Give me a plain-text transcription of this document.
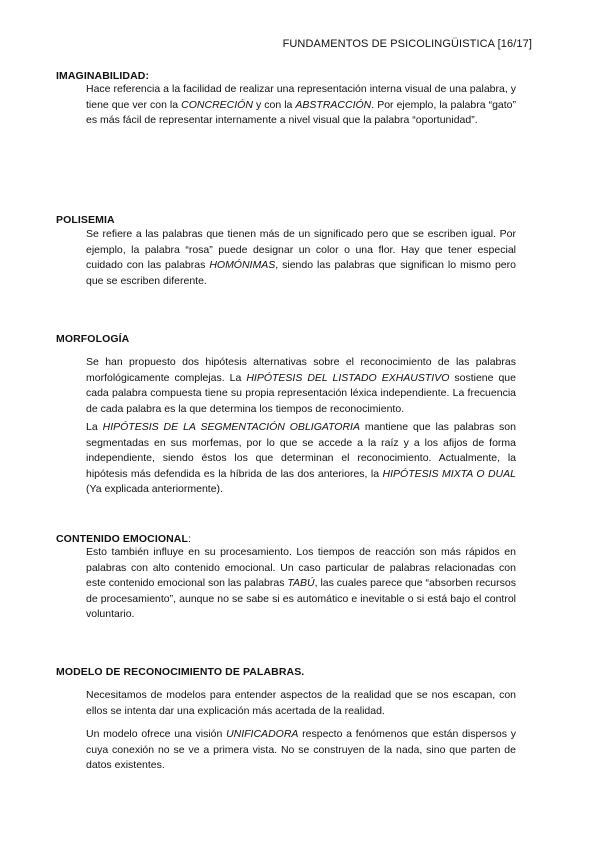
FUNDAMENTOS DE PSICOLINGÜISTICA [16/17]
IMAGINABILIDAD:

Hace referencia a la facilidad de realizar una representación interna visual de una palabra, y tiene que ver con la CONCRECIÓN y con la ABSTRACCIÓN. Por ejemplo, la palabra “gato” es más fácil de representar internamente a nivel visual que la palabra “oportunidad”.

POLISEMIA

Se refiere a las palabras que tienen más de un significado pero que se escriben igual. Por ejemplo, la palabra “rosa” puede designar un color o una flor. Hay que tener especial cuidado con las palabras HOMÓNIMAS, siendo las palabras que significan lo mismo pero que se escriben diferente.

MORFOLOGÍA

Se han propuesto dos hipótesis alternativas sobre el reconocimiento de las palabras morfológicamente complejas. La HIPÓTESIS DEL LISTADO EXHAUSTIVO sostiene que cada palabra compuesta tiene su propia representación léxica independiente. La frecuencia de cada palabra es la que determina los tiempos de reconocimiento.

La HIPÓTESIS DE LA SEGMENTACIÓN OBLIGATORIA mantiene que las palabras son segmentadas en sus morfemas, por lo que se accede a la raíz y a los afijos de forma independiente, siendo éstos los que determinan el reconocimiento. Actualmente, la hipótesis más defendida es la híbrida de las dos anteriores, la HIPÓTESIS MIXTA O DUAL (Ya explicada anteriormente).

CONTENIDO EMOCIONAL:

Esto también influye en su procesamiento. Los tiempos de reacción son más rápidos en palabras con alto contenido emocional. Un caso particular de palabras relacionadas con este contenido emocional son las palabras TABÚ, las cuales parece que “absorben recursos de procesamiento”, aunque no se sabe si es automático e inevitable o si está bajo el control voluntario.

MODELO DE RECONOCIMIENTO DE PALABRAS.

Necesitamos de modelos para entender aspectos de la realidad que se nos escapan, con ellos se intenta dar una explicación más acertada de la realidad.

Un modelo ofrece una visión UNIFICADORA respecto a fenómenos que están dispersos y cuya conexión no se ve a primera vista. No se construyen de la nada, sino que parten de datos existentes.
